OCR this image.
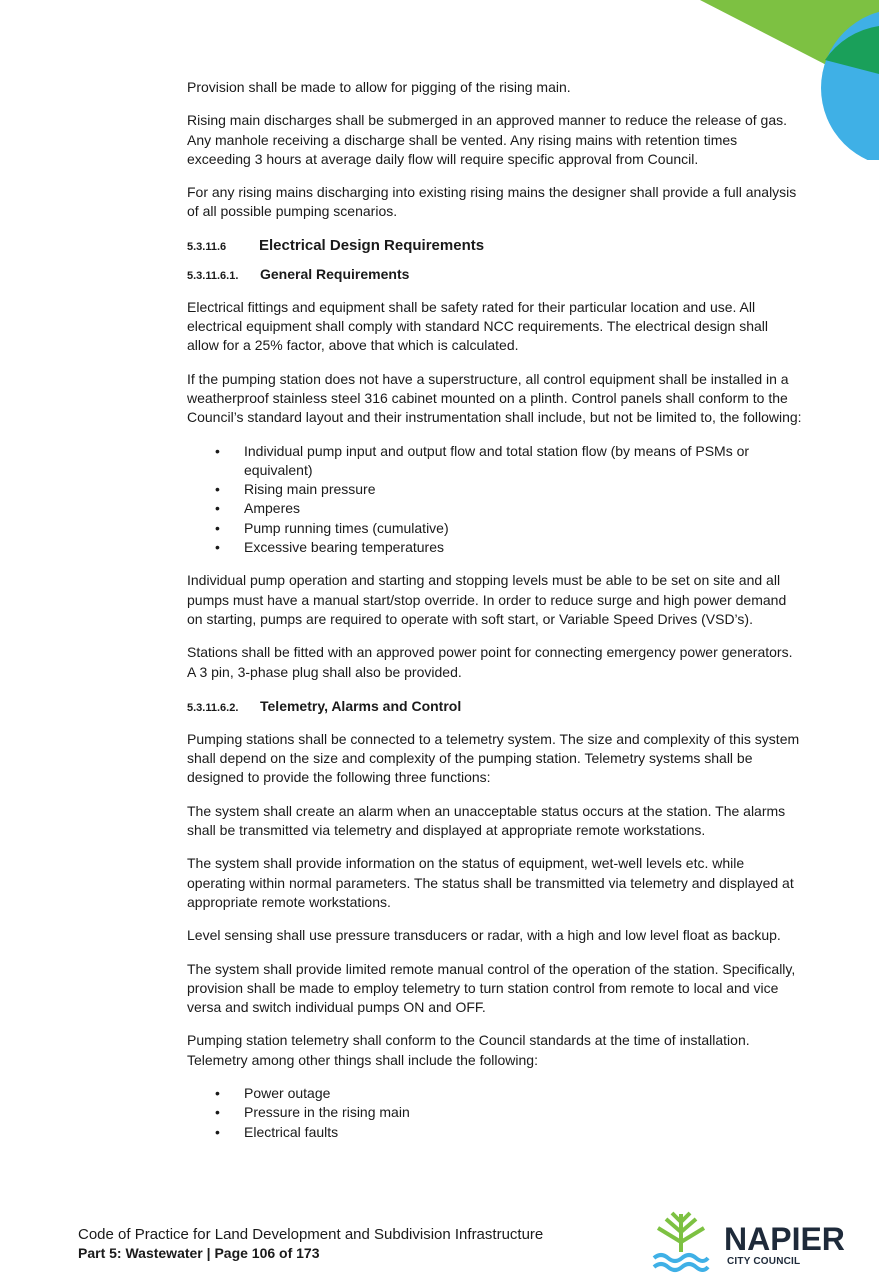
Provision shall be made to allow for pigging of the rising main.

Rising main discharges shall be submerged in an approved manner to reduce the release of gas. Any manhole receiving a discharge shall be vented. Any rising mains with retention times exceeding 3 hours at average daily flow will require specific approval from Council.

For any rising mains discharging into existing rising mains the designer shall provide a full analysis of all possible pumping scenarios.

5.3.11.6 Electrical Design Requirements
5.3.11.6.1. General Requirements

Electrical fittings and equipment shall be safety rated for their particular location and use. All electrical equipment shall comply with standard NCC requirements. The electrical design shall allow for a 25% factor, above that which is calculated.

If the pumping station does not have a superstructure, all control equipment shall be installed in a weatherproof stainless steel 316 cabinet mounted on a plinth. Control panels shall conform to the Council’s standard layout and their instrumentation shall include, but not be limited to, the following:

• Individual pump input and output flow and total station flow (by means of PSMs or equivalent)
• Rising main pressure
• Amperes
• Pump running times (cumulative)
• Excessive bearing temperatures

Individual pump operation and starting and stopping levels must be able to be set on site and all pumps must have a manual start/stop override. In order to reduce surge and high power demand on starting, pumps are required to operate with soft start, or Variable Speed Drives (VSD’s).

Stations shall be fitted with an approved power point for connecting emergency power generators. A 3 pin, 3-phase plug shall also be provided.

5.3.11.6.2. Telemetry, Alarms and Control

Pumping stations shall be connected to a telemetry system. The size and complexity of this system shall depend on the size and complexity of the pumping station. Telemetry systems shall be designed to provide the following three functions:

The system shall create an alarm when an unacceptable status occurs at the station. The alarms shall be transmitted via telemetry and displayed at appropriate remote workstations.

The system shall provide information on the status of equipment, wet-well levels etc. while operating within normal parameters. The status shall be transmitted via telemetry and displayed at appropriate remote workstations.

Level sensing shall use pressure transducers or radar, with a high and low level float as backup.

The system shall provide limited remote manual control of the operation of the station. Specifically, provision shall be made to employ telemetry to turn station control from remote to local and vice versa and switch individual pumps ON and OFF.

Pumping station telemetry shall conform to the Council standards at the time of installation. Telemetry among other things shall include the following:

• Power outage
• Pressure in the rising main
• Electrical faults
Code of Practice for Land Development and Subdivision Infrastructure
Part 5: Wastewater | Page 106 of 173	NAPIER
CITY COUNCIL
